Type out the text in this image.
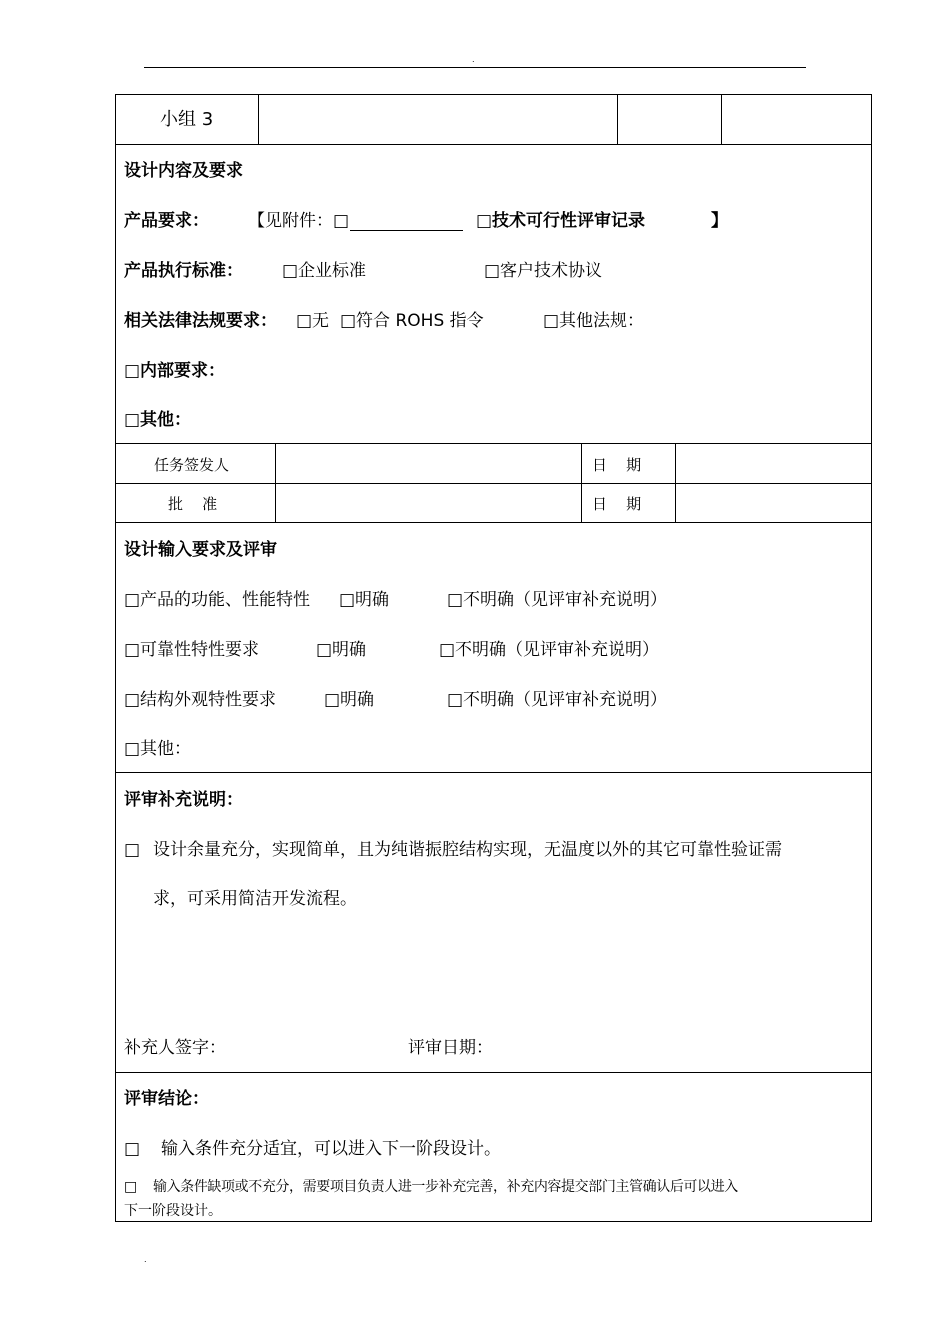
.
小组 3
设计内容及要求
产品要求： 【见附件：□	□技术可行性评审记录	】
产品执行标准： □企业标准	□客户技术协议
相关法律法规要求： □无 □符合 ROHS 指令	□其他法规：
□内部要求：
□其他：
任务签发人	日    期
批    准	日    期
设计输入要求及评审
□产品的功能、性能特性 □明确	□不明确（见评审补充说明）
□可靠性特性要求	□明确	□不明确（见评审补充说明）
□结构外观特性要求	□明确	□不明确（见评审补充说明）
□其他：
评审补充说明：
□ 设计余量充分，实现简单，且为纯谐振腔结构实现，无温度以外的其它可靠性验证需
求，可采用简洁开发流程。
补充人签字：	评审日期：
评审结论：
□ 输入条件充分适宜，可以进入下一阶段设计。
□    输入条件缺项或不充分，需要项目负责人进一步补充完善，补充内容提交部门主管确认后可以进入
下一阶段设计。
.
